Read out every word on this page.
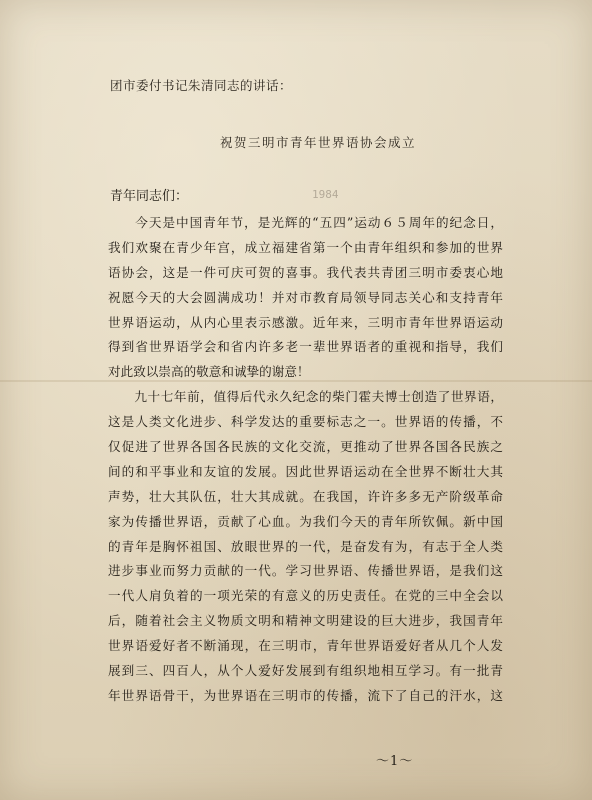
1984
团市委付书记朱清同志的讲话：
祝贺三明市青年世界语协会成立
青年同志们：
　　今天是中国青年节，是光辉的“五四”运动６５周年的纪念日，
我们欢聚在青少年宫，成立福建省第一个由青年组织和参加的世界
语协会，这是一件可庆可贺的喜事。我代表共青团三明市委衷心地
祝愿今天的大会圆满成功！并对市教育局领导同志关心和支持青年
世界语运动，从内心里表示感激。近年来，三明市青年世界语运动
得到省世界语学会和省内许多老一辈世界语者的重视和指导，我们
对此致以崇高的敬意和诚挚的谢意！
　　九十七年前，值得后代永久纪念的柴门霍夫博士创造了世界语，
这是人类文化进步、科学发达的重要标志之一。世界语的传播，不
仅促进了世界各国各民族的文化交流，更推动了世界各国各民族之
间的和平事业和友谊的发展。因此世界语运动在全世界不断壮大其
声势，壮大其队伍，壮大其成就。在我国，许许多多无产阶级革命
家为传播世界语，贡献了心血。为我们今天的青年所钦佩。新中国
的青年是胸怀祖国、放眼世界的一代，是奋发有为，有志于全人类
进步事业而努力贡献的一代。学习世界语、传播世界语，是我们这
一代人肩负着的一项光荣的有意义的历史责任。在党的三中全会以
后，随着社会主义物质文明和精神文明建设的巨大进步，我国青年
世界语爱好者不断涌现，在三明市，青年世界语爱好者从几个人发
展到三、四百人，从个人爱好发展到有组织地相互学习。有一批青
年世界语骨干，为世界语在三明市的传播，流下了自己的汗水，这
～1～
